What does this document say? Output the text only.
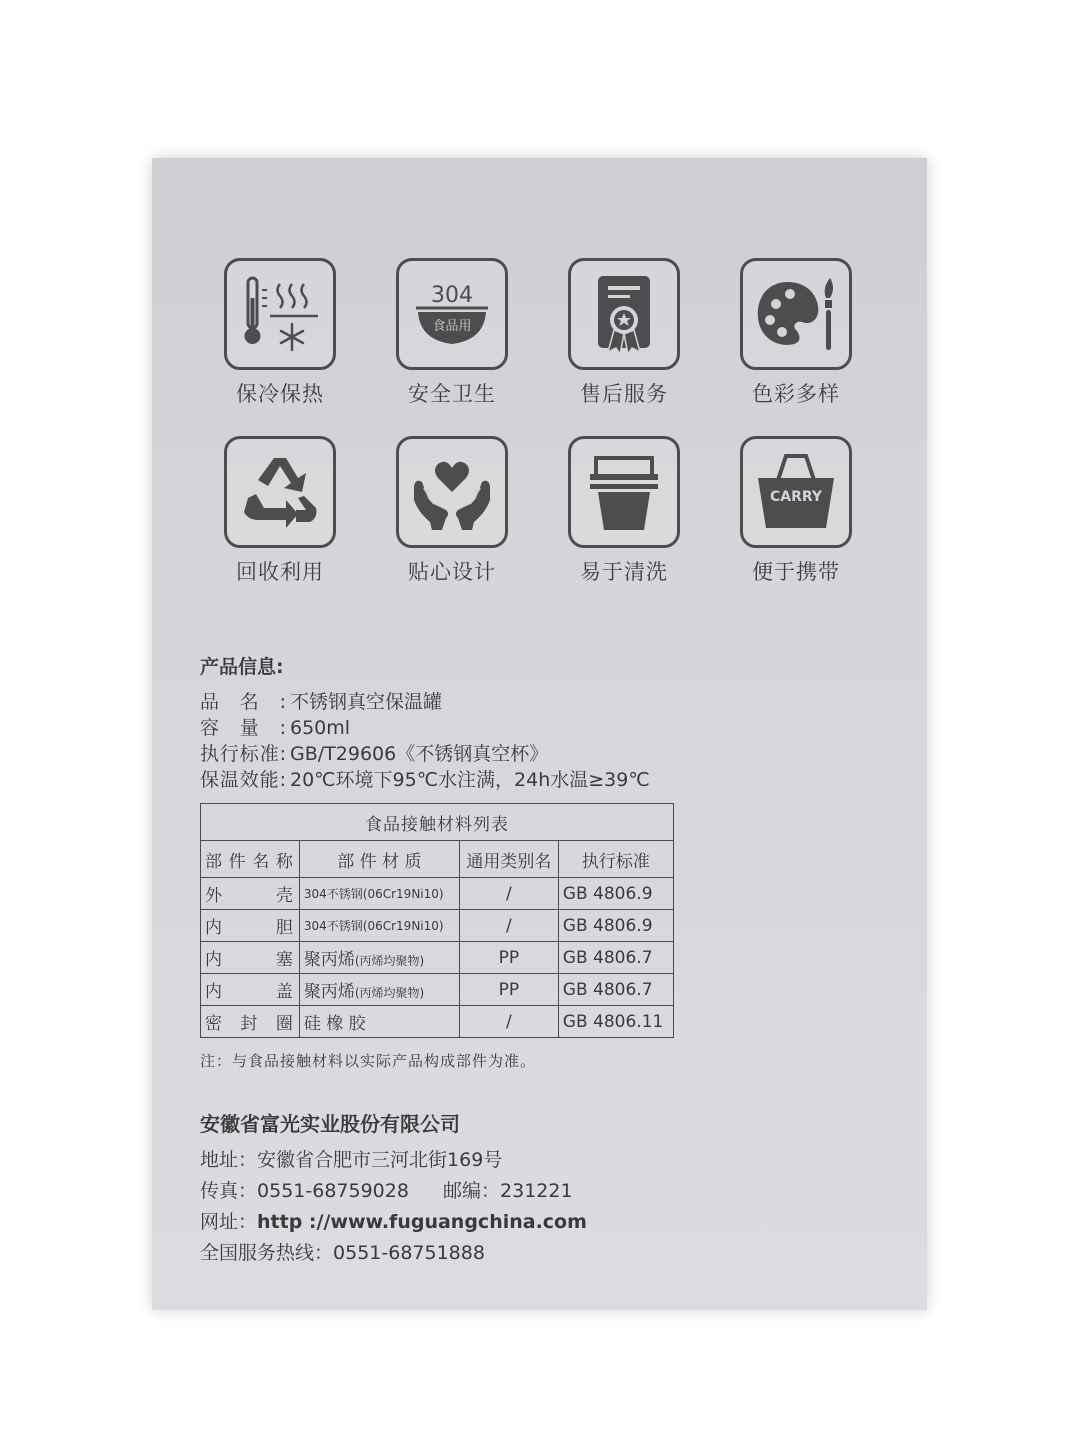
保冷保热
304
食品用
安全卫生	售后服务	色彩多样
回收利用	贴心设计	易于清洗
CARRY
便于携带
产品信息:
品名: 不锈钢真空保温罐
容量: 650ml
执行标准: GB/T29606《不锈钢真空杯》
保温效能: 20℃环境下95℃水注满，24h水温≥39℃
食品接触材料列表			
部件名称	部 件 材 质	通用类别名	执行标准
外壳	304不锈钢(06Cr19Ni10)	/	GB 4806.9
内胆	304不锈钢(06Cr19Ni10)	/	GB 4806.9
内塞	聚丙烯(丙烯均聚物)	PP	GB 4806.7
内盖	聚丙烯(丙烯均聚物)	PP	GB 4806.7
密封圈	硅 橡 胶	/	GB 4806.11
注：与食品接触材料以实际产品构成部件为准。
安徽省富光实业股份有限公司
地址：安徽省合肥市三河北街169号
传真：0551-68759028 邮编：231221
网址：http ://www.fuguangchina.com
全国服务热线：0551-68751888
